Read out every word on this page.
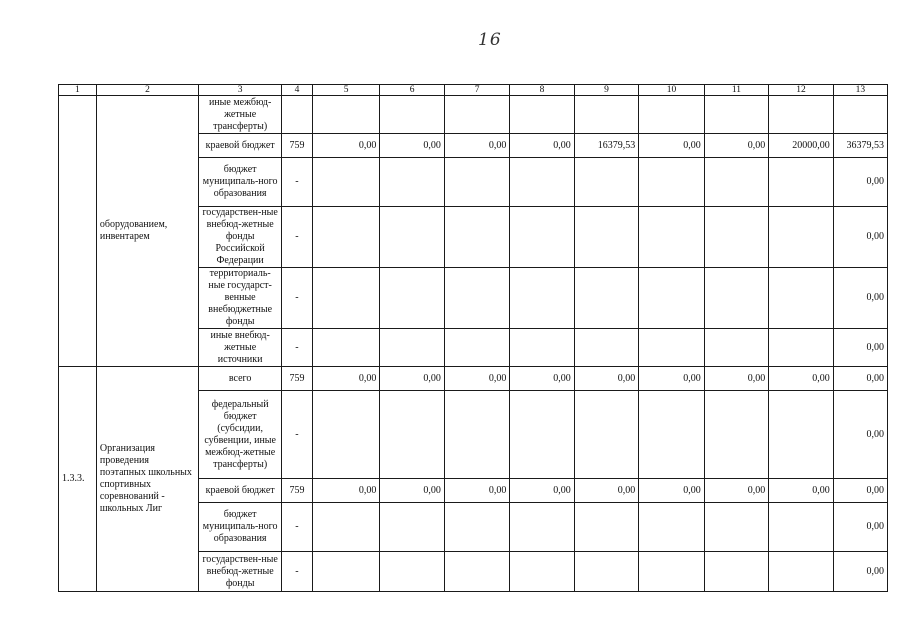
16
1	2	3	4	5	6	7	8	9	10	11	12	13
	оборудованием, инвентарем	иные межбюд-жетные трансферты)										
		краевой бюджет	759	0,00	0,00	0,00	0,00	16379,53	0,00	0,00	20000,00	36379,53
		бюджет муниципаль-ного образования	-									0,00
		государствен-ные внебюд-жетные фонды Российской Федерации	-									0,00
		территориаль-ные государст-венные внебюджетные фонды	-									0,00
		иные внебюд-жетные источники	-									0,00
1.3.3.	Организация проведения поэтапных школьных спортивных соревнований - школьных Лиг	всего	759	0,00	0,00	0,00	0,00	0,00	0,00	0,00	0,00	0,00
		федеральный бюджет (субсидии, субвенции, иные межбюд-жетные трансферты)	-									0,00
		краевой бюджет	759	0,00	0,00	0,00	0,00	0,00	0,00	0,00	0,00	0,00
		бюджет муниципаль-ного образования	-									0,00
		государствен-ные внебюд-жетные фонды	-									0,00
